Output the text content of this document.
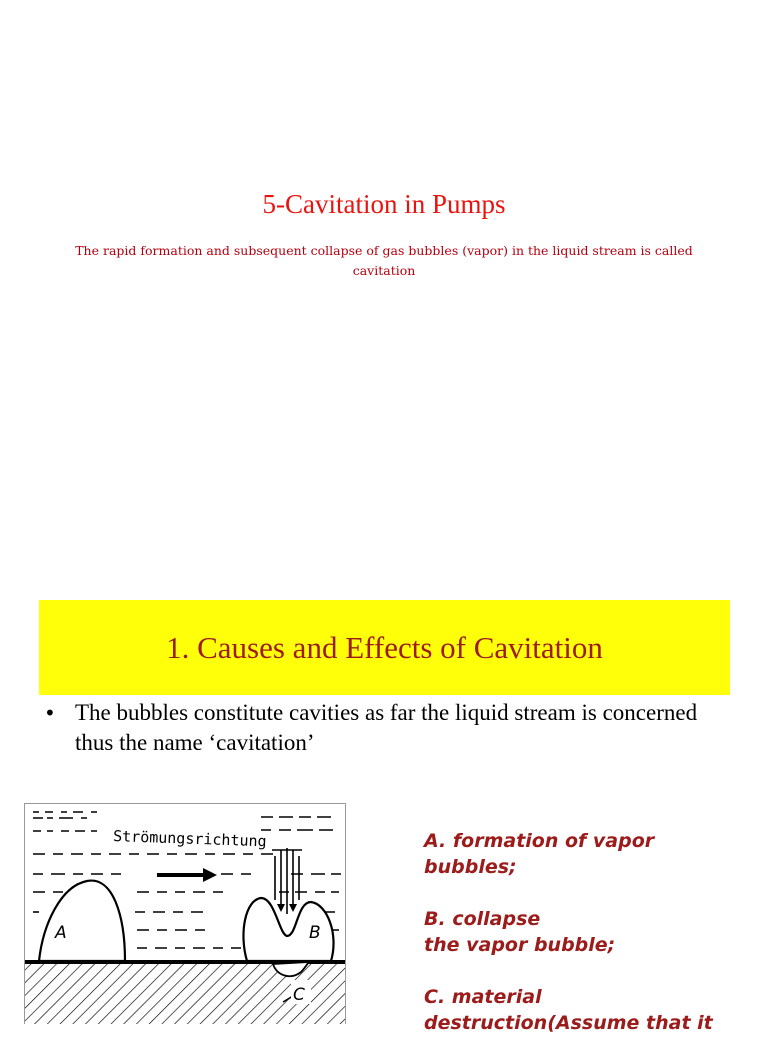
5-Cavitation in Pumps

The rapid formation and subsequent collapse of gas bubbles (vapor) in the liquid stream is called cavitation

1. Causes and Effects of Cavitation
• The bubbles constitute cavities as far the liquid stream is concerned thus the name ‘cavitation’
Strömungsrichtung
A	B
C

A. formation of vapor
bubbles;

B. collapse
the vapor bubble;

C. material
destruction(Assume that it
